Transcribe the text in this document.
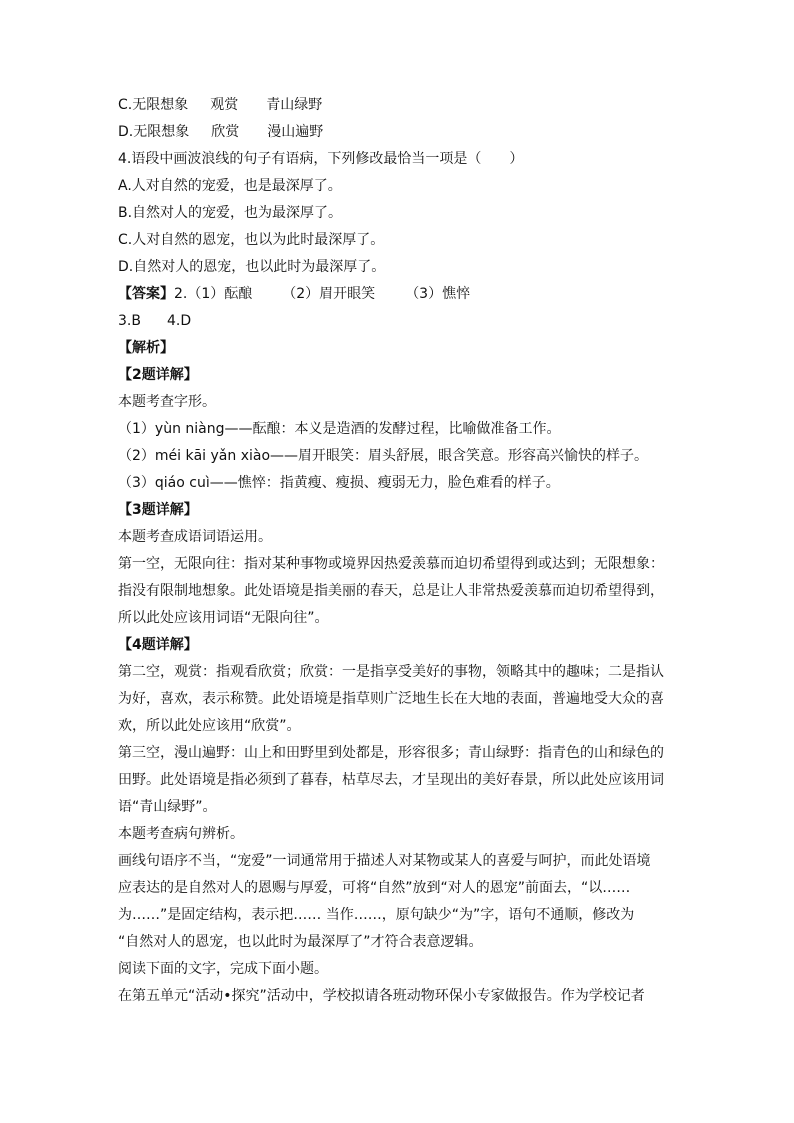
C.无限想象 观赏 青山绿野
D.无限想象 欣赏 漫山遍野
4.语段中画波浪线的句子有语病，下列修改最恰当一项是（　　）
A.人对自然的宠爱，也是最深厚了。
B.自然对人的宠爱，也为最深厚了。
C.人对自然的恩宠，也以为此时最深厚了。
D.自然对人的恩宠，也以此时为最深厚了。
【答案】2.（1）酝酿 （2）眉开眼笑 （3）憔悴
3.B 4.D
【解析】
【2题详解】
本题考查字形。
（1）yùn niàng——酝酿：本义是造酒的发酵过程，比喻做准备工作。
（2）méi kāi yǎn xiào——眉开眼笑：眉头舒展，眼含笑意。形容高兴愉快的样子。
（3）qiáo cuì——憔悴：指黄瘦、瘦损、瘦弱无力，脸色难看的样子。
【3题详解】
本题考查成语词语运用。
第一空，无限向往：指对某种事物或境界因热爱羡慕而迫切希望得到或达到；无限想象：
指没有限制地想象。此处语境是指美丽的春天，总是让人非常热爱羡慕而迫切希望得到，
所以此处应该用词语“无限向往”。
【4题详解】
第二空，观赏：指观看欣赏；欣赏：一是指享受美好的事物，领略其中的趣味；二是指认
为好，喜欢，表示称赞。此处语境是指草则广泛地生长在大地的表面，普遍地受大众的喜
欢，所以此处应该用“欣赏”。
第三空，漫山遍野：山上和田野里到处都是，形容很多；青山绿野：指青色的山和绿色的
田野。此处语境是指必须到了暮春，枯草尽去，才呈现出的美好春景，所以此处应该用词
语“青山绿野”。
本题考查病句辨析。
画线句语序不当，“宠爱”一词通常用于描述人对某物或某人的喜爱与呵护，而此处语境
应表达的是自然对人的恩赐与厚爱，可将“自然”放到“对人的恩宠”前面去，“以……
为……”是固定结构，表示把…… 当作……，原句缺少“为”字，语句不通顺，修改为
“自然对人的恩宠，也以此时为最深厚了”才符合表意逻辑。
阅读下面的文字，完成下面小题。
在第五单元“活动•探究”活动中，学校拟请各班动物环保小专家做报告。作为学校记者
